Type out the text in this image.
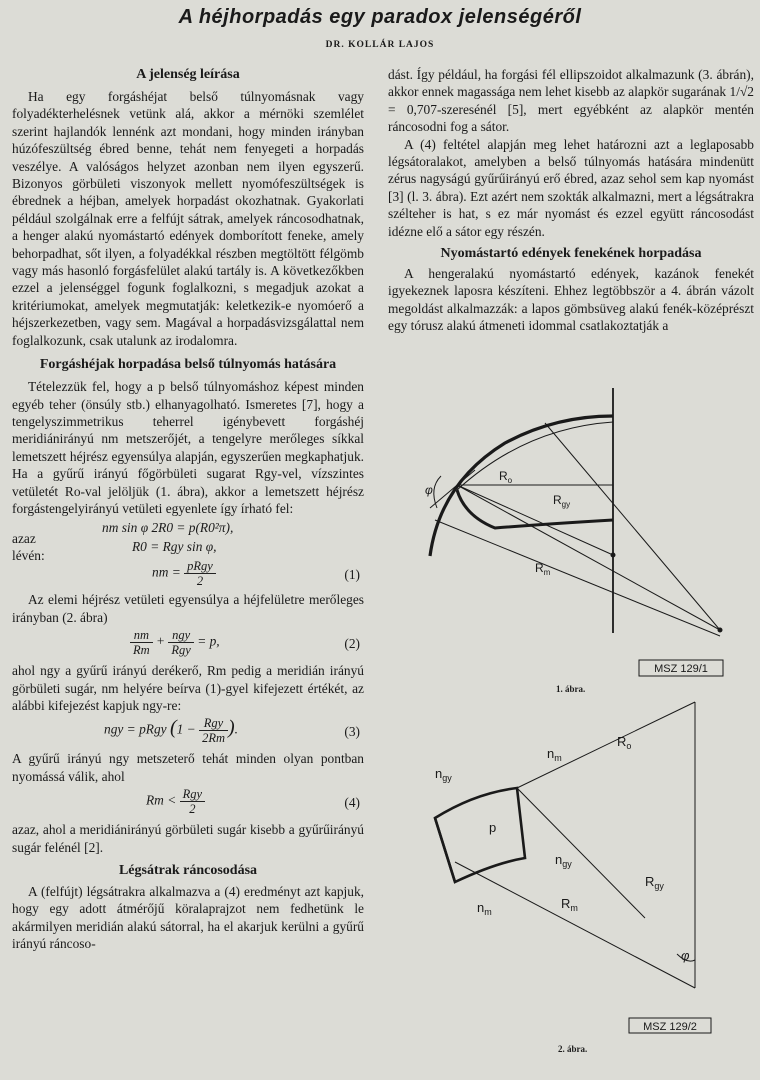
A héjhorpadás egy paradox jelenségéről
DR. KOLLÁR LAJOS
A jelenség leírása

Ha egy forgáshéjat belső túlnyomásnak vagy folyadékterhelésnek vetünk alá, akkor a mérnöki szemlélet szerint hajlandók lennénk azt mondani, hogy minden irányban húzófeszültség ébred benne, tehát nem fenyegeti a horpadás veszélye. A valóságos helyzet azonban nem ilyen egyszerű. Bizonyos görbületi viszonyok mellett nyomófeszültségek is ébrednek a héjban, amelyek horpadást okozhatnak. Gyakorlati például szolgálnak erre a felfújt sátrak, amelyek ráncosodhatnak, a henger alakú nyomástartó edények domborított feneke, amely behorpadhat, sőt ilyen, a folyadékkal részben megtöltött félgömb vagy más hasonló forgásfelület alakú tartály is. A következőkben ezzel a jelenséggel fogunk foglalkozni, s megadjuk azokat a kritériumokat, amelyek megmutatják: keletkezik-e nyomóerő a héjszerkezetben, vagy sem. Magával a horpadásvizsgálattal nem foglalkozunk, csak utalunk az irodalomra.

Forgáshéjak horpadása belső túlnyomás hatására

Tételezzük fel, hogy a p belső túlnyomáshoz képest minden egyéb teher (önsúly stb.) elhanyagolható. Ismeretes [7], hogy a tengelyszimmetrikus teherrel igénybevett forgáshéj meridiánirányú nm metszerőjét, a tengelyre merőleges síkkal lemetszett héjrész egyensúlya alapján, egyszerűen megkaphatjuk. Ha a gyűrű irányú főgörbületi sugarat Rgy-vel, vízszintes vetületét Ro-val jelöljük (1. ábra), akkor a lemetszett héjrész forgástengelyirányú vetületi egyenlete így írható fel:

nm sin φ 2R0 = p(R0²π),
azaz
lévén:
R0 = Rgy sin φ,
nm = $\frac{\text{pRgy}}{2}$	(1)

Az elemi héjrész vetületi egyensúlya a héjfelületre merőleges irányban (2. ábra)

$\frac{nm}{Rm} + \frac{\text{ngy}}{\text{Rgy}} = p$,	(2)

ahol ngy a gyűrű irányú derékerő, Rm pedig a meridián irányú görbületi sugár, nm helyére beírva (1)-gyel kifejezett értékét, az alábbi kifejezést kapjuk ngy-re:

ngy = pRgy ($1 - \frac{\text{Rgy}}{2Rm}$ ).	(3)

A gyűrű irányú ngy metszeterő tehát minden olyan pontban nyomássá válik, ahol

$Rm < \frac{\text{Rgy}}{2}$	(4)

azaz, ahol a meridiánirányú görbületi sugár kisebb a gyűrűirányú sugár felénél [2].

Légsátrak ráncosodása

A (felfújt) légsátrakra alkalmazva a (4) eredményt azt kapjuk, hogy egy adott átmérőjű köralaprajzot nem fedhetünk le akármilyen meridián alakú sátorral, ha el akarjuk kerülni a gyűrű irányú ráncoso-

dást. Így például, ha forgási fél ellipszoidot alkalmazunk (3. ábrán), akkor ennek magassága nem lehet kisebb az alapkör sugarának 1/√2 = 0,707-szeresénél [5], mert egyébként az alapkör mentén ráncosodni fog a sátor.

A (4) feltétel alapján meg lehet határozni azt a leglaposabb légsátoralakot, amelyben a belső túlnyomás hatására mindenütt zérus nagyságú gyűrűirányú erő ébred, azaz sehol sem kap nyomást [3] (l. 3. ábra). Ezt azért nem szokták alkalmazni, mert a légsátrakra szélteher is hat, s ez már nyomást és ezzel együtt ráncosodást idézne elő a sátor egy részén.

Nyomástartó edények fenekének horpadása

A hengeralakú nyomástartó edények, kazánok fenekét igyekeznek laposra készíteni. Ehhez legtöbbször a 4. ábrán vázolt megoldást alkalmazzák: a lapos gömbsüveg alakú fenék-középrészt egy tórusz alakú átmeneti idommal csatlakoztatják a

φ
$R_o$
$R_{gy}$
$R_m$
MSZ 129/1
1. ábra.
$n_m$
$n_{gy}$
p
$n_{gy}$
$n_m$
$R_m$
$R_{gy}$
$R_o$
φ
MSZ 129/2
2. ábra.
